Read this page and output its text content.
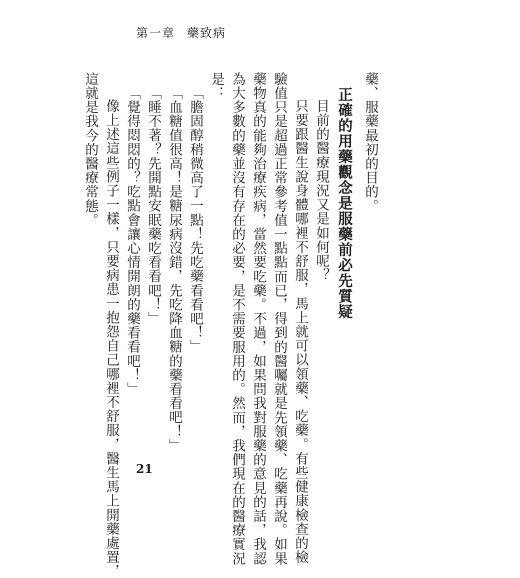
第一章 藥致病
藥、服藥最初的目的。
正確的用藥觀念是服藥前必先質疑
目前的醫療現況又是如何呢？
只要跟醫生說身體哪裡不舒服，馬上就可以領藥、吃藥。有些健康檢查的檢
驗值只是超過正常參考值一點點而已，得到的醫囑就是先領藥、吃藥再說。如果
藥物真的能夠治療疾病，當然要吃藥。不過，如果問我對服藥的意見的話，我認
為大多數的藥並沒有存在的必要，是不需要服用的。然而，我們現在的醫療實況
是：
「膽固醇稍微高了一點！先吃藥看看吧！」
「血糖值很高！是糖尿病沒錯，先吃降血糖的藥看看吧！」
「睡不著？先開點安眠藥吃看看吧！」
「覺得悶悶的？吃點會讓心情開朗的藥看看吧！」
像上述這些例子一樣，只要病患一抱怨自己哪裡不舒服，醫生馬上開藥處置，
這就是我今的醫療常態。
21
